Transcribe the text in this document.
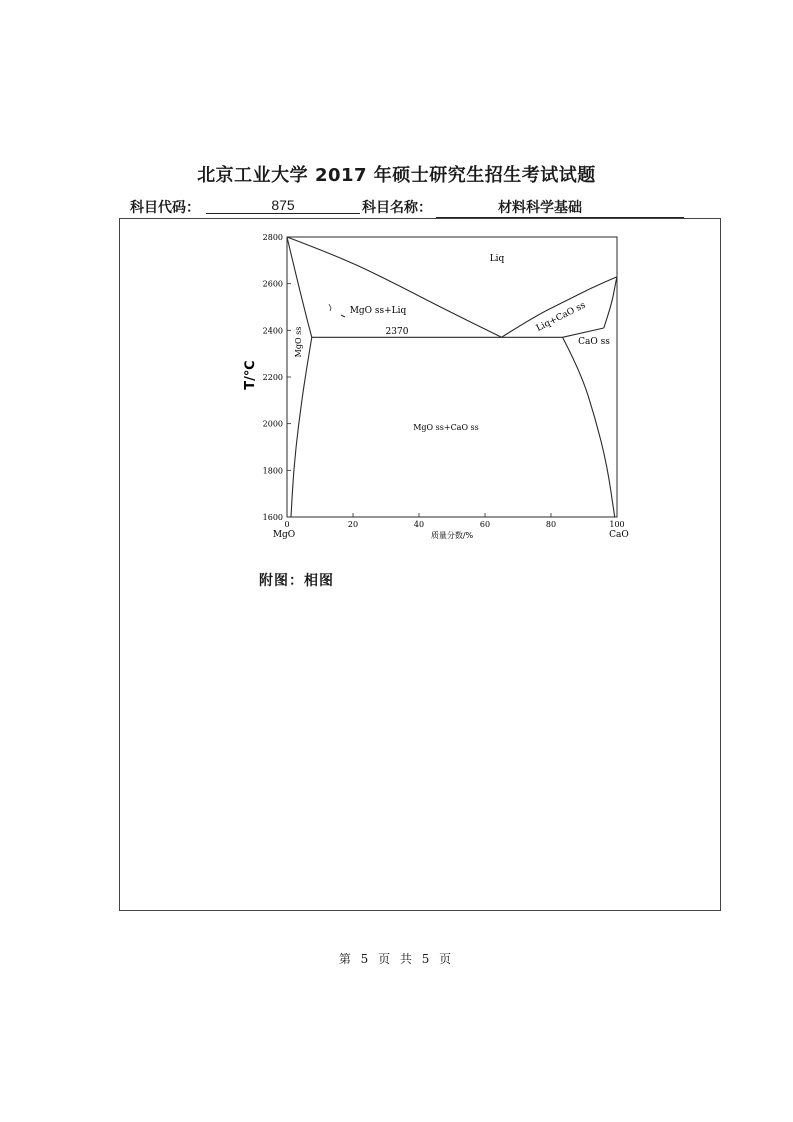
北京工业大学 2017 年硕士研究生招生考试试题
科目代码：	875	科目名称：	材料科学基础
0	20	40	60	80	100
1600
1800
2000
2200
2400
2600
2800
T/℃
质量分数/%
MgO	CaO
Liq
MgO ss+Liq	Liq+CaO ss
MgO ss	CaO ss
MgO ss+CaO ss
2370
附图：相图
第 5 页 共 5 页
